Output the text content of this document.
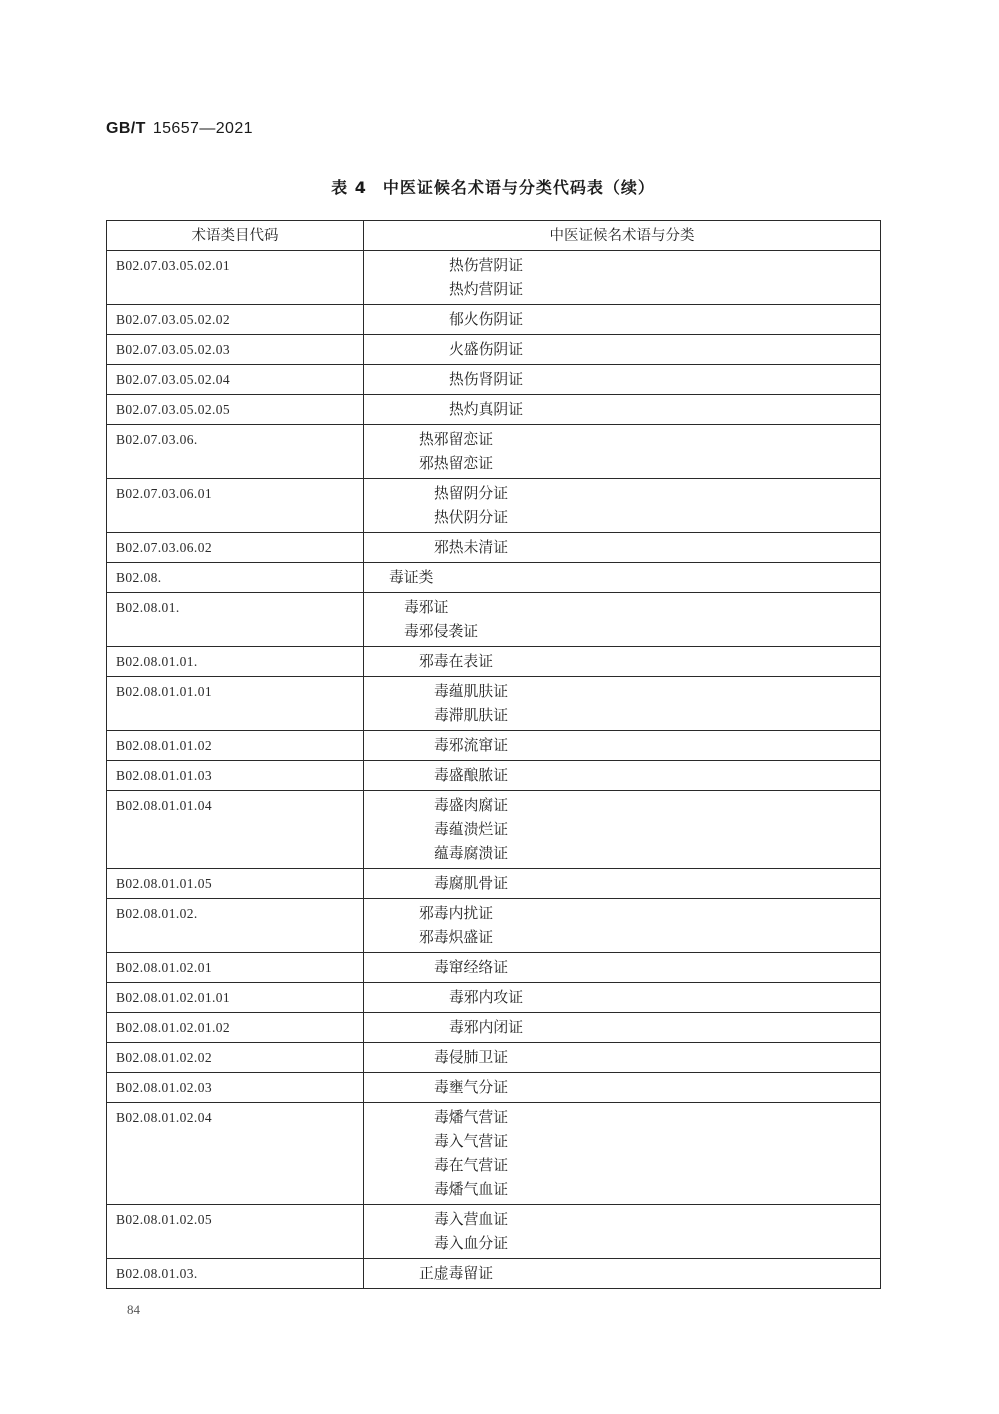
GB/T 15657—2021
表 4 中医证候名术语与分类代码表（续）
术语类目代码	中医证候名术语与分类
B02.07.03.05.02.01	热伤营阴证
热灼营阴证

B02.07.03.05.02.02	郁火伤阴证

B02.07.03.05.02.03	火盛伤阴证

B02.07.03.05.02.04	热伤肾阴证

B02.07.03.05.02.05	热灼真阴证

B02.07.03.06.	热邪留恋证
邪热留恋证

B02.07.03.06.01	热留阴分证
热伏阴分证

B02.07.03.06.02	邪热未清证

B02.08.	毒证类

B02.08.01.	毒邪证
毒邪侵袭证

B02.08.01.01.	邪毒在表证

B02.08.01.01.01	毒蕴肌肤证
毒滞肌肤证

B02.08.01.01.02	毒邪流窜证

B02.08.01.01.03	毒盛酿脓证

B02.08.01.01.04	毒盛肉腐证
毒蕴溃烂证
蕴毒腐溃证

B02.08.01.01.05	毒腐肌骨证

B02.08.01.02.	邪毒内扰证
邪毒炽盛证

B02.08.01.02.01	毒窜经络证

B02.08.01.02.01.01	毒邪内攻证

B02.08.01.02.01.02	毒邪内闭证

B02.08.01.02.02	毒侵肺卫证

B02.08.01.02.03	毒壅气分证

B02.08.01.02.04	毒燔气营证
毒入气营证
毒在气营证
毒燔气血证

B02.08.01.02.05	毒入营血证
毒入血分证

B02.08.01.03.	正虚毒留证
84
